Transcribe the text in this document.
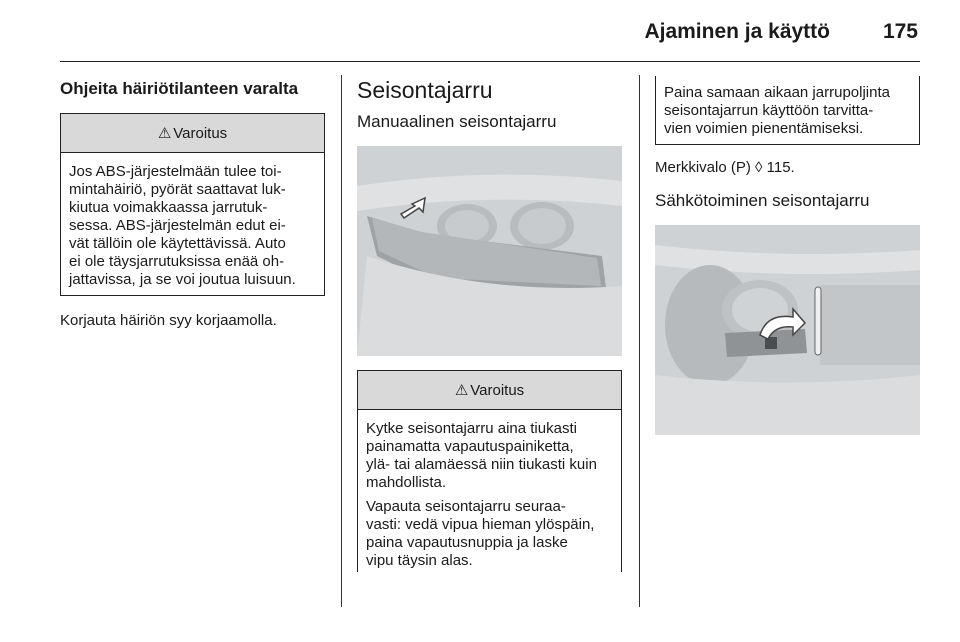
Ajaminen ja käyttö	175
Ohjeita häiriötilanteen varalta
⚠ Varoitus

Jos ABS-järjestelmään tulee toi-
mintahäiriö, pyörät saattavat luk-
kiutua voimakkaassa jarrutuk-
sessa. ABS-järjestelmän edut ei-
vät tällöin ole käytettävissä. Auto
ei ole täysjarrutuksissa enää oh-
jattavissa, ja se voi joutua luisuun.

Korjauta häiriön syy korjaamolla.

Seisontajarru
Manuaalinen seisontajarru
⚠ Varoitus

Kytke seisontajarru aina tiukasti
painamatta vapautuspainiketta,
ylä- tai alamäessä niin tiukasti kuin
mahdollista.

Vapauta seisontajarru seuraa-
vasti: vedä vipua hieman ylöspäin,
paina vapautusnuppia ja laske
vipu täysin alas.

Paina samaan aikaan jarrupoljinta
seisontajarrun käyttöön tarvitta-
vien voimien pienentämiseksi.

Merkkivalo (P) ◊ 115.

Sähkötoiminen seisontajarru
